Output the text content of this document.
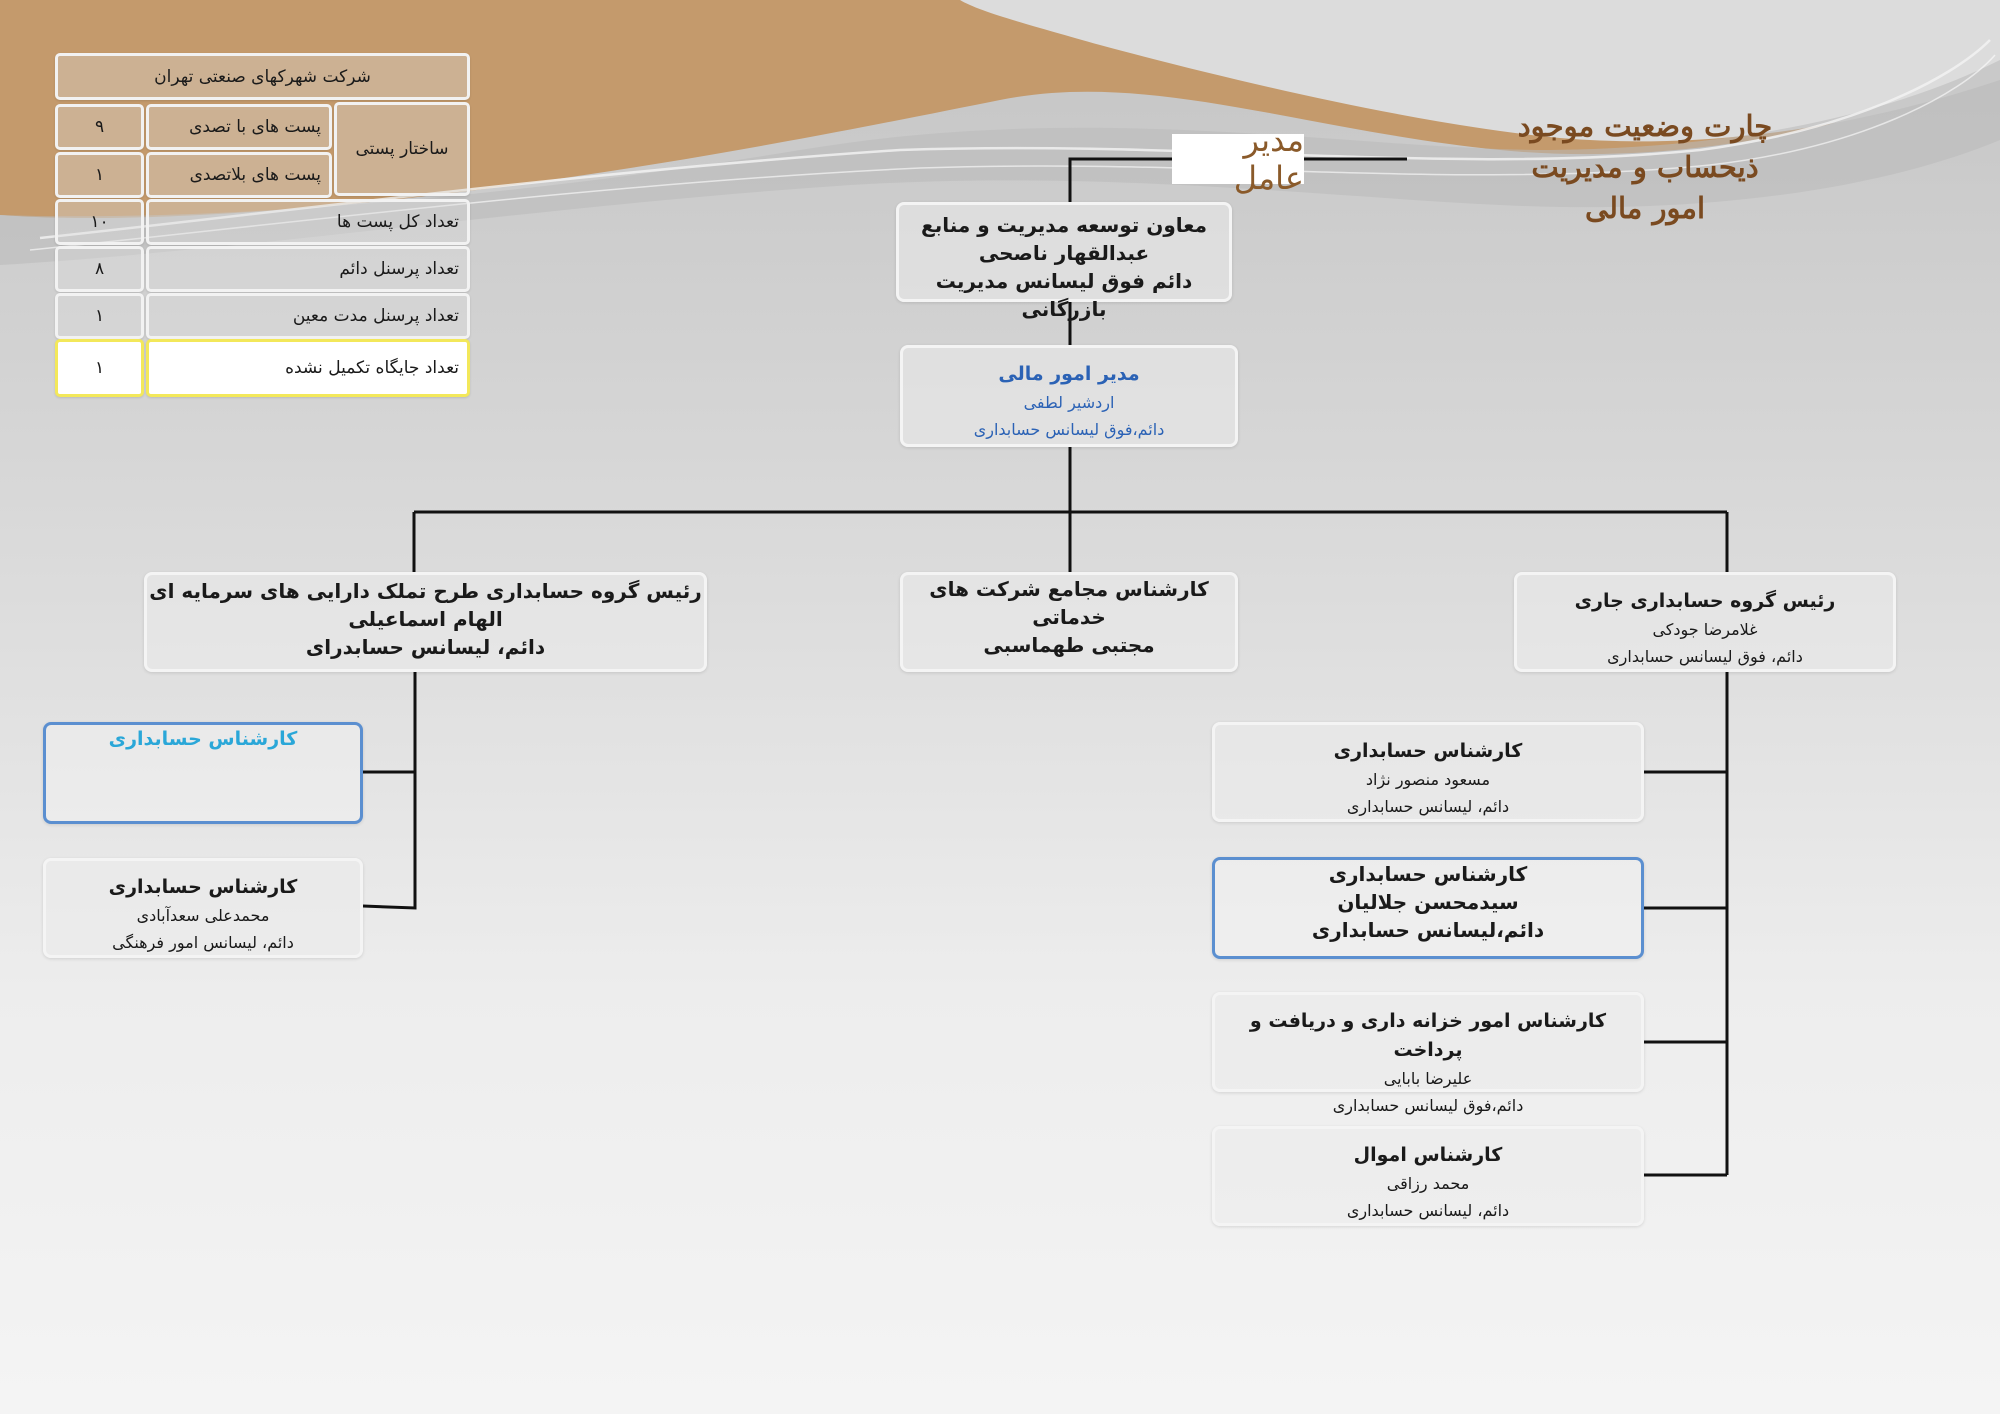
چارت وضعیت موجود
ذیحساب و مدیریت
امور مالی
مدیر عامل
شرکت شهرکهای صنعتی تهران
ساختار پستی
پست های با تصدی
۹
پست های بلاتصدی
۱
تعداد کل پست ها
۱۰
تعداد پرسنل دائم
۸
تعداد پرسنل مدت معین
۱
تعداد جایگاه تکمیل نشده
۱
معاون توسعه مدیریت و منابع
عبدالقهار ناصحی
دائم فوق لیسانس مدیریت بازرگانی
مدیر امور مالی
اردشیر لطفی
دائم،فوق لیسانس حسابداری
رئیس گروه حسابداری جاری
غلامرضا جودکی
دائم، فوق لیسانس حسابداری
کارشناس مجامع شرکت های خدماتی
مجتبی طهماسبی
رئیس گروه حسابداری طرح تملک دارایی های سرمایه ای
الهام اسماعیلی
دائم، لیسانس حسابدرای
کارشناس حسابداری
کارشناس حسابداری
محمدعلی سعدآبادی
دائم، لیسانس امور فرهنگی
کارشناس حسابداری
مسعود منصور نژاد
دائم، لیسانس حسابداری
کارشناس حسابداری
سیدمحسن جلالیان
دائم،لیسانس حسابداری
کارشناس امور خزانه داری و دریافت و پرداخت
علیرضا بابایی
دائم،فوق لیسانس حسابداری
کارشناس اموال
محمد رزاقی
دائم، لیسانس حسابداری
